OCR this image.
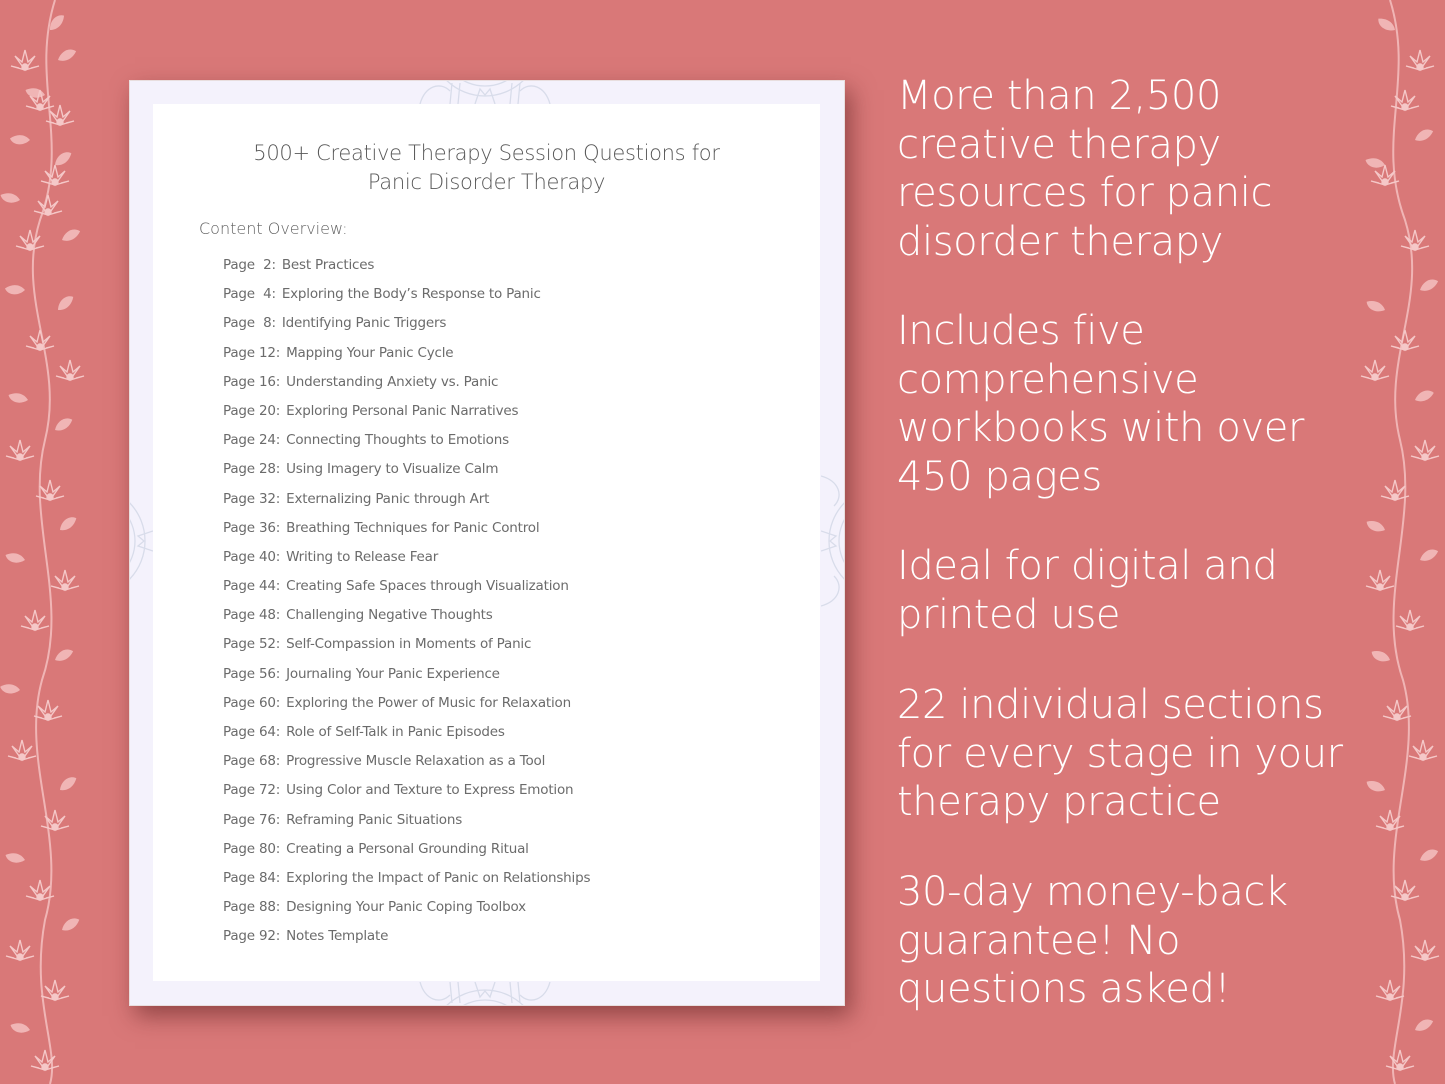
500+ Creative Therapy Session Questions for
Panic Disorder Therapy
Content Overview:
Page  2: Best Practices
Page  4: Exploring the Body’s Response to Panic
Page  8: Identifying Panic Triggers
Page 12: Mapping Your Panic Cycle
Page 16: Understanding Anxiety vs. Panic
Page 20: Exploring Personal Panic Narratives
Page 24: Connecting Thoughts to Emotions
Page 28: Using Imagery to Visualize Calm
Page 32: Externalizing Panic through Art
Page 36: Breathing Techniques for Panic Control
Page 40: Writing to Release Fear
Page 44: Creating Safe Spaces through Visualization
Page 48: Challenging Negative Thoughts
Page 52: Self-Compassion in Moments of Panic
Page 56: Journaling Your Panic Experience
Page 60: Exploring the Power of Music for Relaxation
Page 64: Role of Self-Talk in Panic Episodes
Page 68: Progressive Muscle Relaxation as a Tool
Page 72: Using Color and Texture to Express Emotion
Page 76: Reframing Panic Situations
Page 80: Creating a Personal Grounding Ritual
Page 84: Exploring the Impact of Panic on Relationships
Page 88: Designing Your Panic Coping Toolbox
Page 92: Notes Template
More than 2,500
creative therapy
resources for panic
disorder therapy
Includes five
comprehensive
workbooks with over
450 pages
Ideal for digital and
printed use
22 individual sections
for every stage in your
therapy practice
30-day money-back
guarantee! No
questions asked!
